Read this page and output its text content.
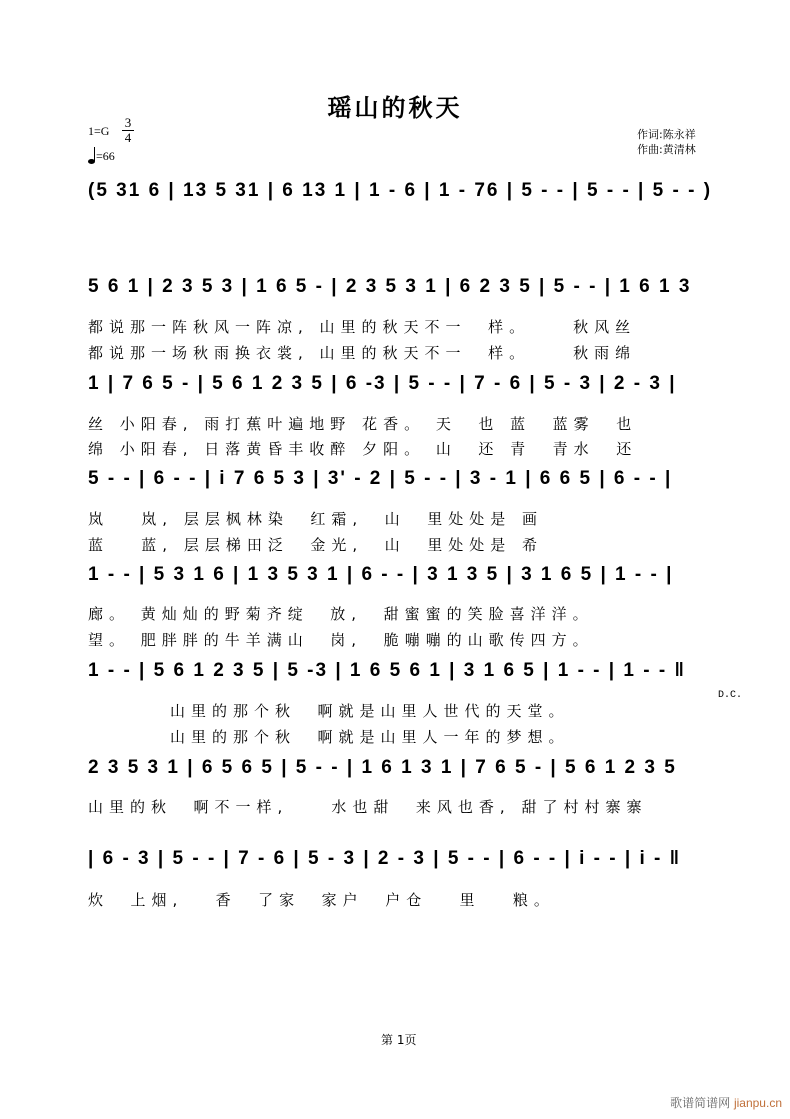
瑶山的秋天
$1=G \frac{3}{4}$
=66
作词:陈永祥
作曲:黄清林
(5 31 6 | 13 5 31 | 6 13 1 | 1 - 6 | 1 - 76 | 5 - - | 5 - - | 5 - - )
5 6 1 | 2 3 5 3 | 1 6 5 - | 2 3 5 3 1 | 6 2 3 5 | 5 - - | 1 6 1 3
都说那一阵秋风一阵凉, 山里的秋天不一  样。    秋风丝
都说那一场秋雨换衣裳, 山里的秋天不一  样。    秋雨绵
1 | 7 6 5 - | 5 6 1 2 3 5 | 6 -3 | 5 - - | 7 - 6 | 5 - 3 | 2 - 3 |
丝 小阳春, 雨打蕉叶遍地野 花香。 天  也 蓝  蓝雾  也
绵 小阳春, 日落黄昏丰收醉 夕阳。 山  还 青  青水  还
5 - - | 6 - - | i 7 6 5 3 | 3' - 2 | 5 - - | 3 - 1 | 6 6 5 | 6 - - |
岚   岚, 层层枫林染  红霜,  山  里处处是 画
蓝   蓝, 层层梯田泛  金光,  山  里处处是 希
1 - - | 5 3 1 6 | 1 3 5 3 1 | 6 - - | 3 1 3 5 | 3 1 6 5 | 1 - - |
廊。 黄灿灿的野菊齐绽  放,  甜蜜蜜的笑脸喜洋洋。
望。 肥胖胖的牛羊满山  岗,  脆嘣嘣的山歌传四方。
1 - - | 5 6 1 2 3 5 | 5 -3 | 1 6 5 6 1 | 3 1 6 5 | 1 - - | 1 - - ‖
D.C.
山里的那个秋  啊就是山里人世代的天堂。
山里的那个秋  啊就是山里人一年的梦想。
2 3 5 3 1 | 6 5 6 5 | 5 - - | 1 6 1 3 1 | 7 6 5 - | 5 6 1 2 3 5
山里的秋  啊不一样,    水也甜  来风也香, 甜了村村寨寨
| 6 - 3 | 5 - - | 7 - 6 | 5 - 3 | 2 - 3 | 5 - - | 6 - - | i - - | i - ‖
炊  上烟,   香  了家  家户  户仓   里   粮。
第 1页
歌谱简谱网 jianpu.cn
